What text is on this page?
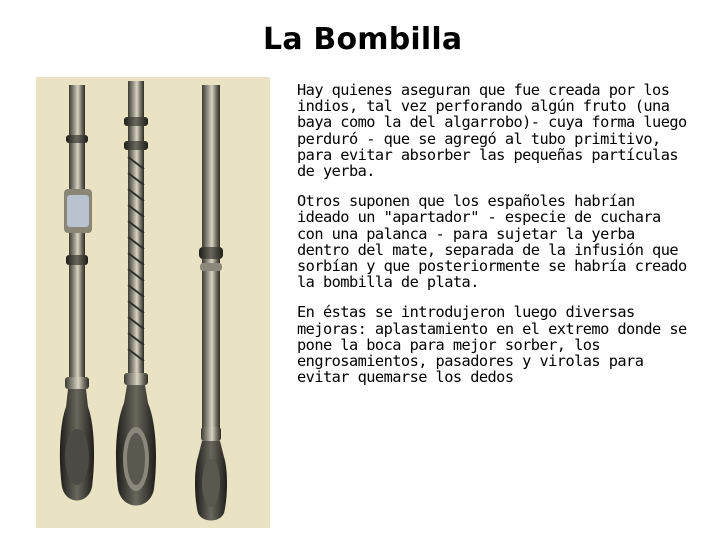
La Bombilla

Hay quienes aseguran que fue creada por los indios, tal vez perforando algún fruto (una baya como la del algarrobo)- cuya forma luego perduró - que se agregó al tubo primitivo, para evitar absorber las pequeñas partículas de yerba.

Otros suponen que los españoles habrían ideado un "apartador" - especie de cuchara con una palanca - para sujetar la yerba dentro del mate, separada de la infusión que sorbían y que posteriormente se habría creado la bombilla de plata.

En éstas se introdujeron luego diversas mejoras: aplastamiento en el extremo donde se pone la boca para mejor sorber, los engrosamientos, pasadores y virolas para evitar quemarse los dedos
